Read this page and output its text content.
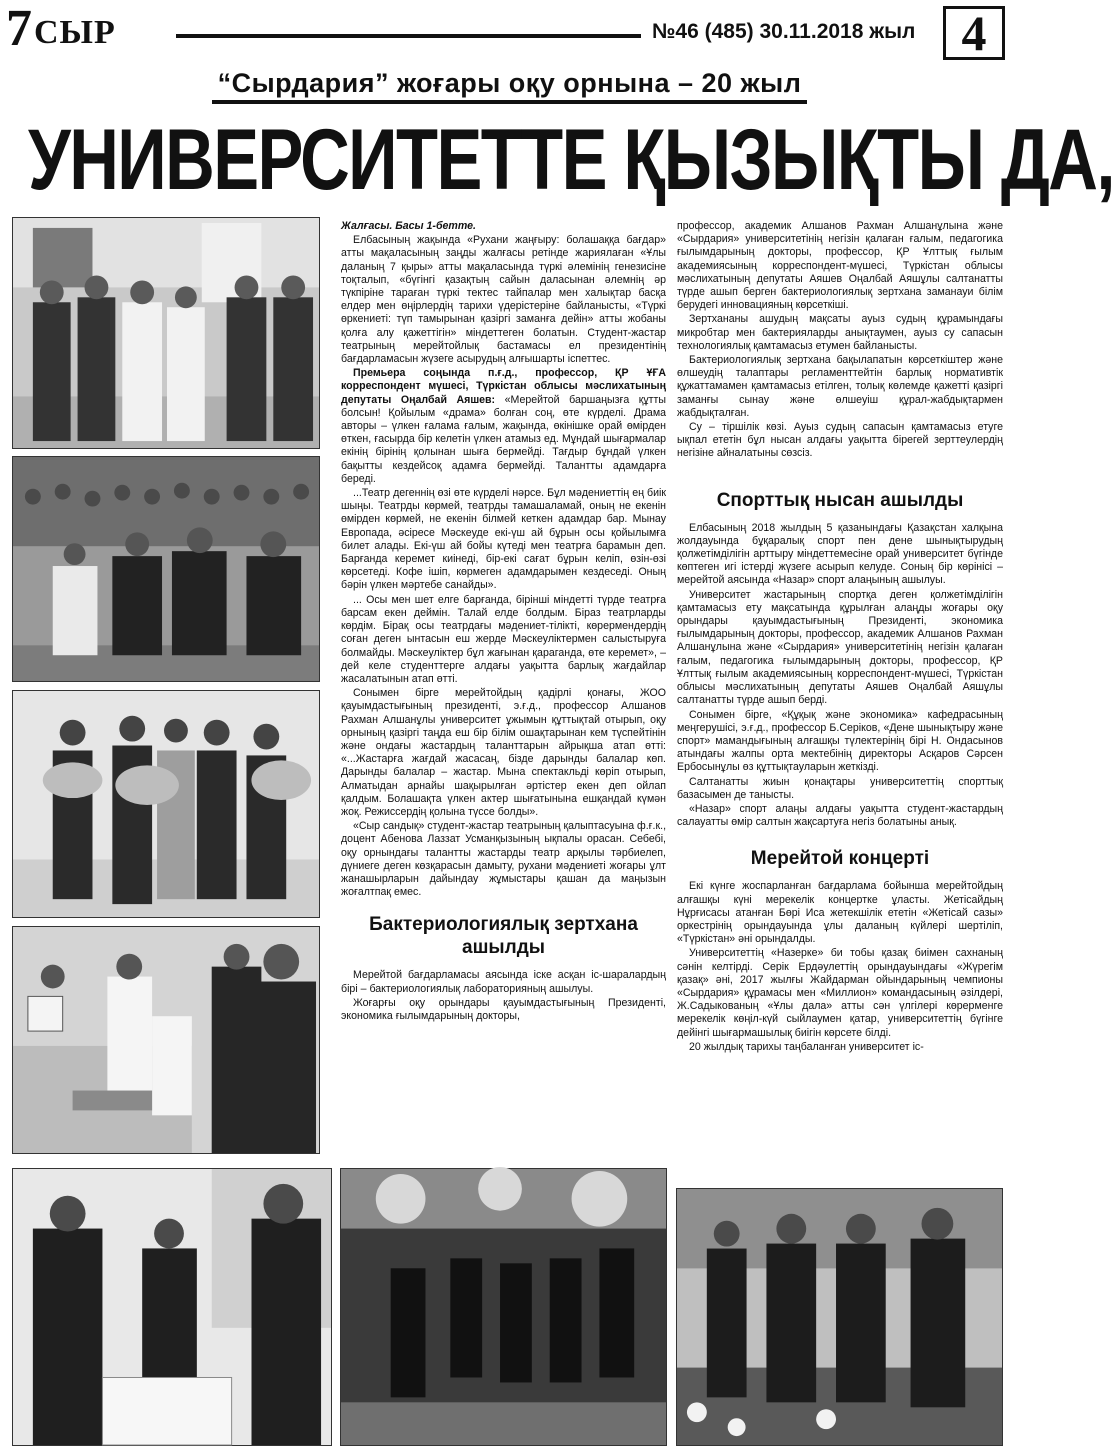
7 СЫР	№46 (485) 30.11.2018 жыл 4
“Сырдария” жоғары оқу орнына – 20 жыл
УНИВЕРСИТЕТТЕ ҚЫЗЫҚТЫ ДА,

Жалғасы. Басы 1-бетте.

Елбасының жақында «Рухани жаңғыру: болашаққа бағдар» атты мақаласының заңды жалғасы ретінде жариялаған «Ұлы даланың 7 қыры» атты мақаласында түркі әлемінің генезисіне тоқталып, «бүгінгі қазақтың сайын даласынан әлемнің әр түкпіріне тараған түркі тектес тайпалар мен халықтар басқа елдер мен өңірлердің тарихи үдерістеріне байланысты, «Түркі өркениеті: түп тамырынан қазіргі заманға дейін» атты жобаны қолға алу қажеттігін» міндеттеген болатын. Студент-жастар театрының мерейтойлық бастамасы ел президентінің бағдарламасын жүзеге асырудың алғышарты іспеттес.

Премьера соңында п.ғ.д., профессор, ҚР ҰҒА корреспондент мүшесі, Түркістан облысы мәслихатының депутаты Оңалбай Аяшев: «Мерейтой баршаңызға құтты болсын! Қойылым «драма» болған соң, өте күрделі. Драма авторы – үлкен ғалама ғалым, жақында, өкінішке орай өмірден өткен, ғасырда бір келетін үлкен атамыз ед. Мұндай шығармалар екінің бірінің қолынан шыға бермейді. Тағдыр бұндай үлкен бақытты кездейсоқ адамға бермейді. Талантты адамдарға береді.

...Театр дегеннің өзі өте күрделі нәрсе. Бұл мәдениеттің ең биік шыңы. Театрды көрмей, театрды тамашаламай, оның не екенін өмірден көрмей, не екенін білмей кеткен адамдар бар. Мынау Европада, әсіресе Мәскеуде екі-үш ай бұрын осы қойылымға билет алады. Екі-үш ай бойы күтеді мен театрға барамын деп. Барғанда керемет киінеді, бір-екі сағат бұрын келіп, өзін-өзі көрсетеді. Кофе ішіп, көрмеген адамдарымен кездеседі. Оның бәрін үлкен мәртебе санайды».

... Осы мен шет елге барғанда, бірінші міндетті түрде театрға барсам екен деймін. Талай елде болдым. Біраз театрларды көрдім. Бірақ осы театрдағы мәдениет-тілікті, көрермендердің соған деген ынтасын еш жерде Мәскеуліктермен салыстыруға болмайды. Мәскеуліктер бұл жағынан қараганда, өте керемет», – дей келе студенттерге алдағы уақытта барлық жағдайлар жасалатынын атап өтті.

Сонымен бірге мерейтойдың қадірлі қонағы, ЖОО қауымдастығының президенті, э.ғ.д., профессор Алшанов Рахман Алшанұлы университет ұжымын құттықтай отырып, оқу орнының қазіргі таңда еш бір білім ошақтарынан кем түспейтінін және ондағы жастардың таланттарын айрықша атап өтті: «...Жастарға жағдай жасасаң, бізде дарынды балалар көп. Дарынды балалар – жастар. Мына спектакльді көріп отырып, Алматыдан арнайы шақырылған әртістер екен деп ойлап қалдым. Болашақта үлкен актер шығатынына ешқандай күмән жоқ. Режиссердің қолына түссе болды».

«Сыр сандық» студент-жастар театрының қалыптасуына ф.ғ.к., доцент Абенова Лаззат Усманқызының ықпалы орасан. Себебі, оқу орнындағы талантты жастарды театр арқылы тәрбиелеп, дүниеге деген көзқарасын дамыту, рухани мәдениеті жоғары ұлт жанашырларын дайындау жұмыстары қашан да маңызын жоғалтпақ емес.

Бактериологиялық зертхана ашылды

Мерейтой бағдарламасы аясында іске асқан іс-шаралардың бірі – бактериологиялық лабораторияның ашылуы.

Жоғарғы оқу орындары қауымдастығының Президенті, экономика ғылымдарының докторы,

профессор, академик Алшанов Рахман Алшанұлына және «Сырдария» университетінің негізін қалаған ғалым, педагогика ғылымдарының докторы, профессор, ҚР Ұлттық ғылым академиясының корреспондент-мүшесі, Түркістан облысы мәслихатының депутаты Аяшев Оңалбай Аяшұлы салтанатты түрде ашып берген бактериологиялық зертхана заманауи білім берудегі инновацияның көрсеткіші.

Зертхананы ашудың мақсаты ауыз судың құрамындағы микробтар мен бактерияларды анықтаумен, ауыз су сапасын технологиялық қамтамасыз етумен байланысты.

Бактериологиялық зертхана бақылапатын көрсеткіштер және өлшеудің талаптары регламенттейтін барлық нормативтік құжаттамамен қамтамасыз етілген, толық көлемде қажетті қазіргі заманғы сынау және өлшеуіш құрал-жабдықтармен жабдықталған.

Су – тіршілік көзі. Ауыз судың сапасын қамтамасыз етуге ықпал ететін бұл нысан алдағы уақытта бірегей зерттеулердің негізіне айналатыны сөзсіз.

Спорттық нысан ашылды

Елбасының 2018 жылдың 5 қазанындағы Қазақстан халқына жолдауында бұқаралық спорт пен дене шынықтырудың қолжетімділігін арттыру міндеттемесіне орай университет бүгінде көптеген игі істерді жүзеге асырып келуде. Соның бір көрінісі – мерейтой аясында «Назар» спорт алаңының ашылуы.

Университет жастарының спортқа деген қолжетімділігін қамтамасыз ету мақсатында құрылған алаңды жоғары оқу орындары қауымдастығының Президенті, экономика ғылымдарының докторы, профессор, академик Алшанов Рахман Алшанұлына және «Сырдария» университетінің негізін қалаған ғалым, педагогика ғылымдарының докторы, профессор, ҚР Ұлттық ғылым академиясының корреспондент-мүшесі, Түркістан облысы мәслихатының депутаты Аяшев Оңалбай Аяшұлы салтанатты түрде ашып берді.

Сонымен бірге, «Құқық және экономика» кафедрасының меңгерушісі, э.ғ.д., профессор Б.Серіков, «Дене шынықтыру және спорт» мамандығының алғашқы түлектерінің бірі Н. Ондасынов атындағы жалпы орта мектебінің директоры Асқаров Сәрсен Ербосынұлы өз құттықтауларын жеткізді.

Салтанатты жиын қонақтары университеттің спорттық базасымен де танысты.

«Назар» спорт алаңы алдағы уақытта студент-жастардың салауатты өмір салтын жақсартуға негіз болатыны анық.

Мерейтой концерті

Екі күнге жоспарланған бағдарлама бойынша мерейтойдың алғашқы күні мерекелік концертке ұласты. Жетісайдың Нұрғисасы атанған Бөрі Иса жетекшілік ететін «Жетісай сазы» оркестрінің орындауында ұлы даланың күйлері шертіліп, «Түркістан» әні орындалды.

Университеттің «Назерке» би тобы қазақ биімен сахнаның сәнін келтірді. Серік Ердәулеттің орындауындағы «Жүрегім қазақ» әні, 2017 жылғы Жайдарман ойындарының чемпионы «Сырдария» құрамасы мен «Миллион» командасының әзілдері, Ж.Садыкованың «Ұлы дала» атты сән үлгілері көрерменге мерекелік көңіл-күй сыйлаумен қатар, университеттің бүгінге дейінгі шығармашылық биігін көрсете білді.

20 жылдық тарихы таңбаланған университет іс-
